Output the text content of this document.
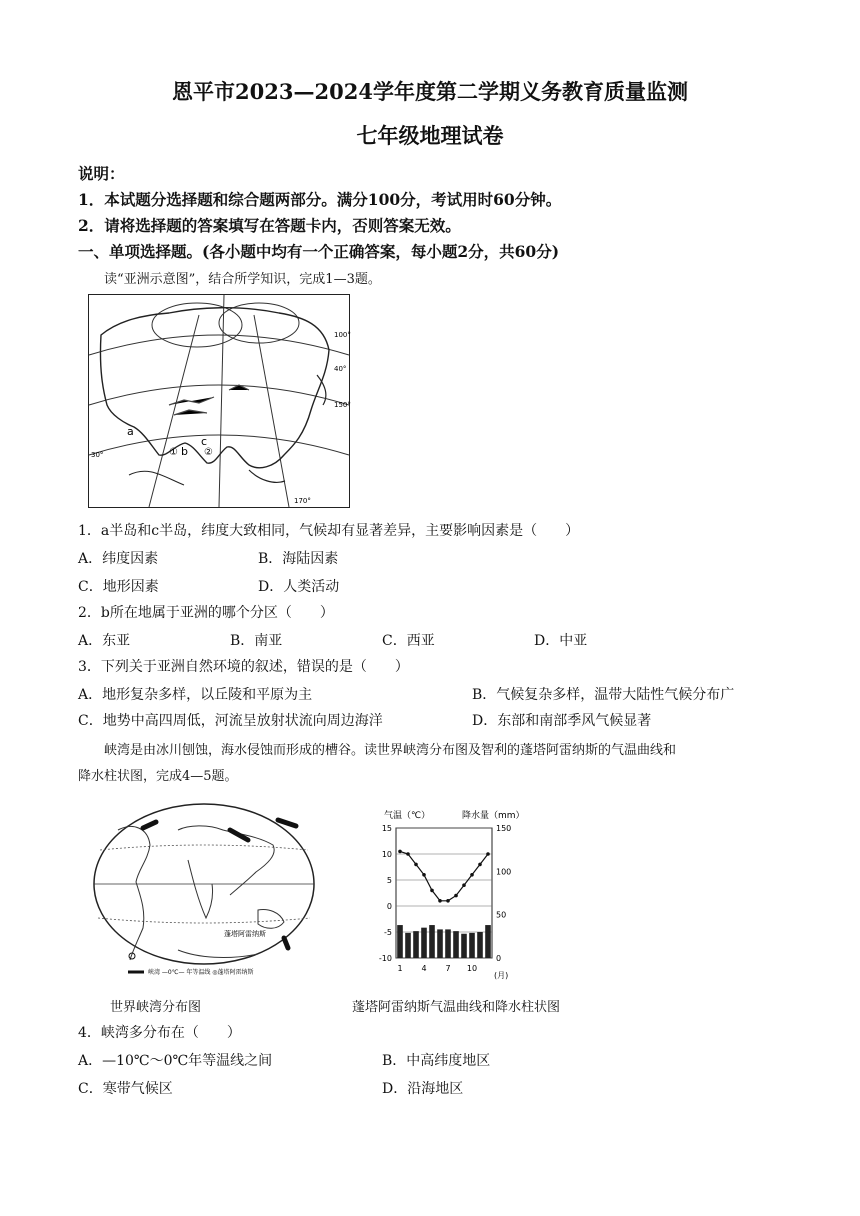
恩平市2023—2024学年度第二学期义务教育质量监测
七年级地理试卷
说明：
1．本试题分选择题和综合题两部分。满分100分，考试用时60分钟。
2．请将选择题的答案填写在答题卡内，否则答案无效。
一、单项选择题。(各小题中均有一个正确答案，每小题2分，共60分)
读“亚洲示意图”，结合所学知识，完成1—3题。
100°
40°
150°
30°
170°
a
b
c
①	②
1．a半岛和c半岛，纬度大致相同，气候却有显著差异，主要影响因素是（　　）
A．纬度因素	B．海陆因素
C．地形因素	D．人类活动
2．b所在地属于亚洲的哪个分区（　　）
A．东亚	B．南亚	C．西亚	D．中亚
3．下列关于亚洲自然环境的叙述，错误的是（　　）
A．地形复杂多样，以丘陵和平原为主	B．气候复杂多样，温带大陆性气候分布广
C．地势中高四周低，河流呈放射状流向周边海洋	D．东部和南部季风气候显著
峡湾是由冰川刨蚀，海水侵蚀而形成的槽谷。读世界峡湾分布图及智利的蓬塔阿雷纳斯的气温曲线和
降水柱状图，完成4—5题。
蓬塔阿雷纳斯
峡湾 —0℃— 年等温线 ◎蓬塔阿雷纳斯
气温（℃）	降水量（mm）
(月)
15
10
5
0
-5
-10
150
100
50
0
1 4 7 10
世界峡湾分布图	蓬塔阿雷纳斯气温曲线和降水柱状图
4．峡湾多分布在（　　）
A．—10℃～0℃年等温线之间	B．中高纬度地区
C．寒带气候区	D．沿海地区
